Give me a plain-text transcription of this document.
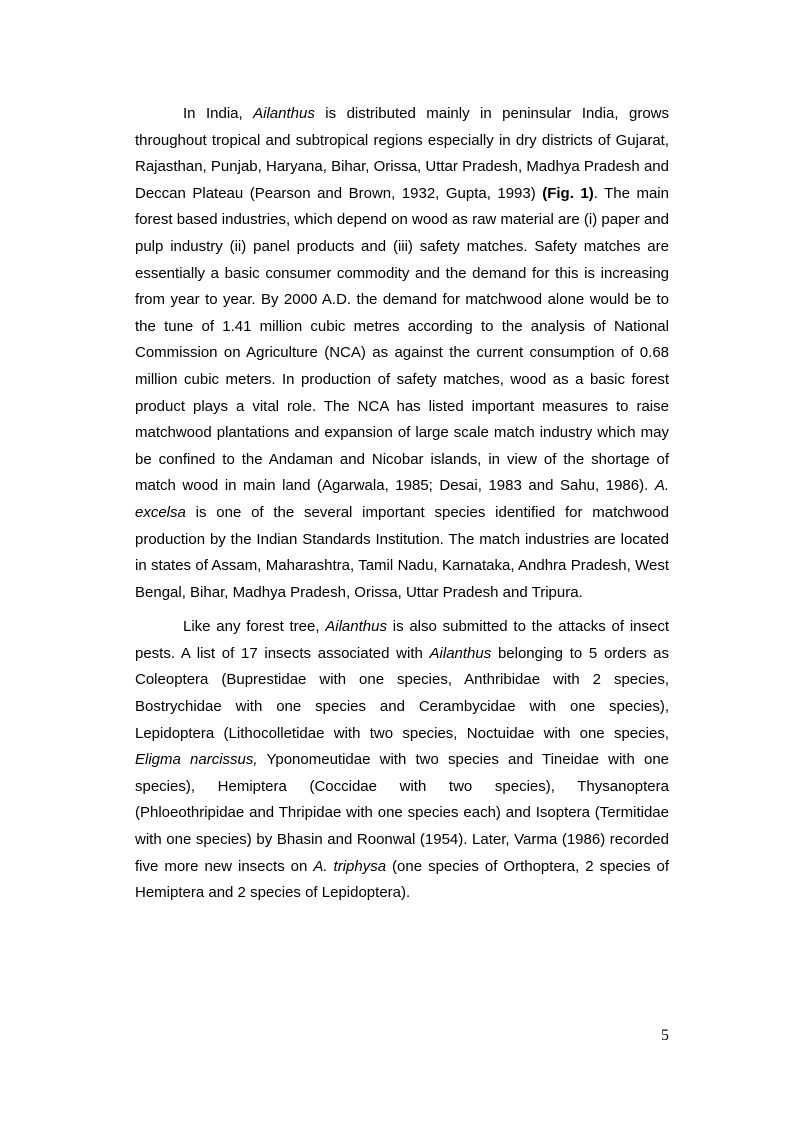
In India, Ailanthus is distributed mainly in peninsular India, grows throughout tropical and subtropical regions especially in dry districts of Gujarat, Rajasthan, Punjab, Haryana, Bihar, Orissa, Uttar Pradesh, Madhya Pradesh and Deccan Plateau (Pearson and Brown, 1932, Gupta, 1993) (Fig. 1). The main forest based industries, which depend on wood as raw material are (i) paper and pulp industry (ii) panel products and (iii) safety matches. Safety matches are essentially a basic consumer commodity and the demand for this is increasing from year to year. By 2000 A.D. the demand for matchwood alone would be to the tune of 1.41 million cubic metres according to the analysis of National Commission on Agriculture (NCA) as against the current consumption of 0.68 million cubic meters. In production of safety matches, wood as a basic forest product plays a vital role. The NCA has listed important measures to raise matchwood plantations and expansion of large scale match industry which may be confined to the Andaman and Nicobar islands, in view of the shortage of match wood in main land (Agarwala, 1985; Desai, 1983 and Sahu, 1986). A. excelsa is one of the several important species identified for matchwood production by the Indian Standards Institution. The match industries are located in states of Assam, Maharashtra, Tamil Nadu, Karnataka, Andhra Pradesh, West Bengal, Bihar, Madhya Pradesh, Orissa, Uttar Pradesh and Tripura.

Like any forest tree, Ailanthus is also submitted to the attacks of insect pests. A list of 17 insects associated with Ailanthus belonging to 5 orders as Coleoptera (Buprestidae with one species, Anthribidae with 2 species, Bostrychidae with one species and Cerambycidae with one species), Lepidoptera (Lithocolletidae with two species, Noctuidae with one species, Eligma narcissus, Yponomeutidae with two species and Tineidae with one species), Hemiptera (Coccidae with two species), Thysanoptera (Phloeothripidae and Thripidae with one species each) and Isoptera (Termitidae with one species) by Bhasin and Roonwal (1954). Later, Varma (1986) recorded five more new insects on A. triphysa (one species of Orthoptera, 2 species of Hemiptera and 2 species of Lepidoptera).

5
